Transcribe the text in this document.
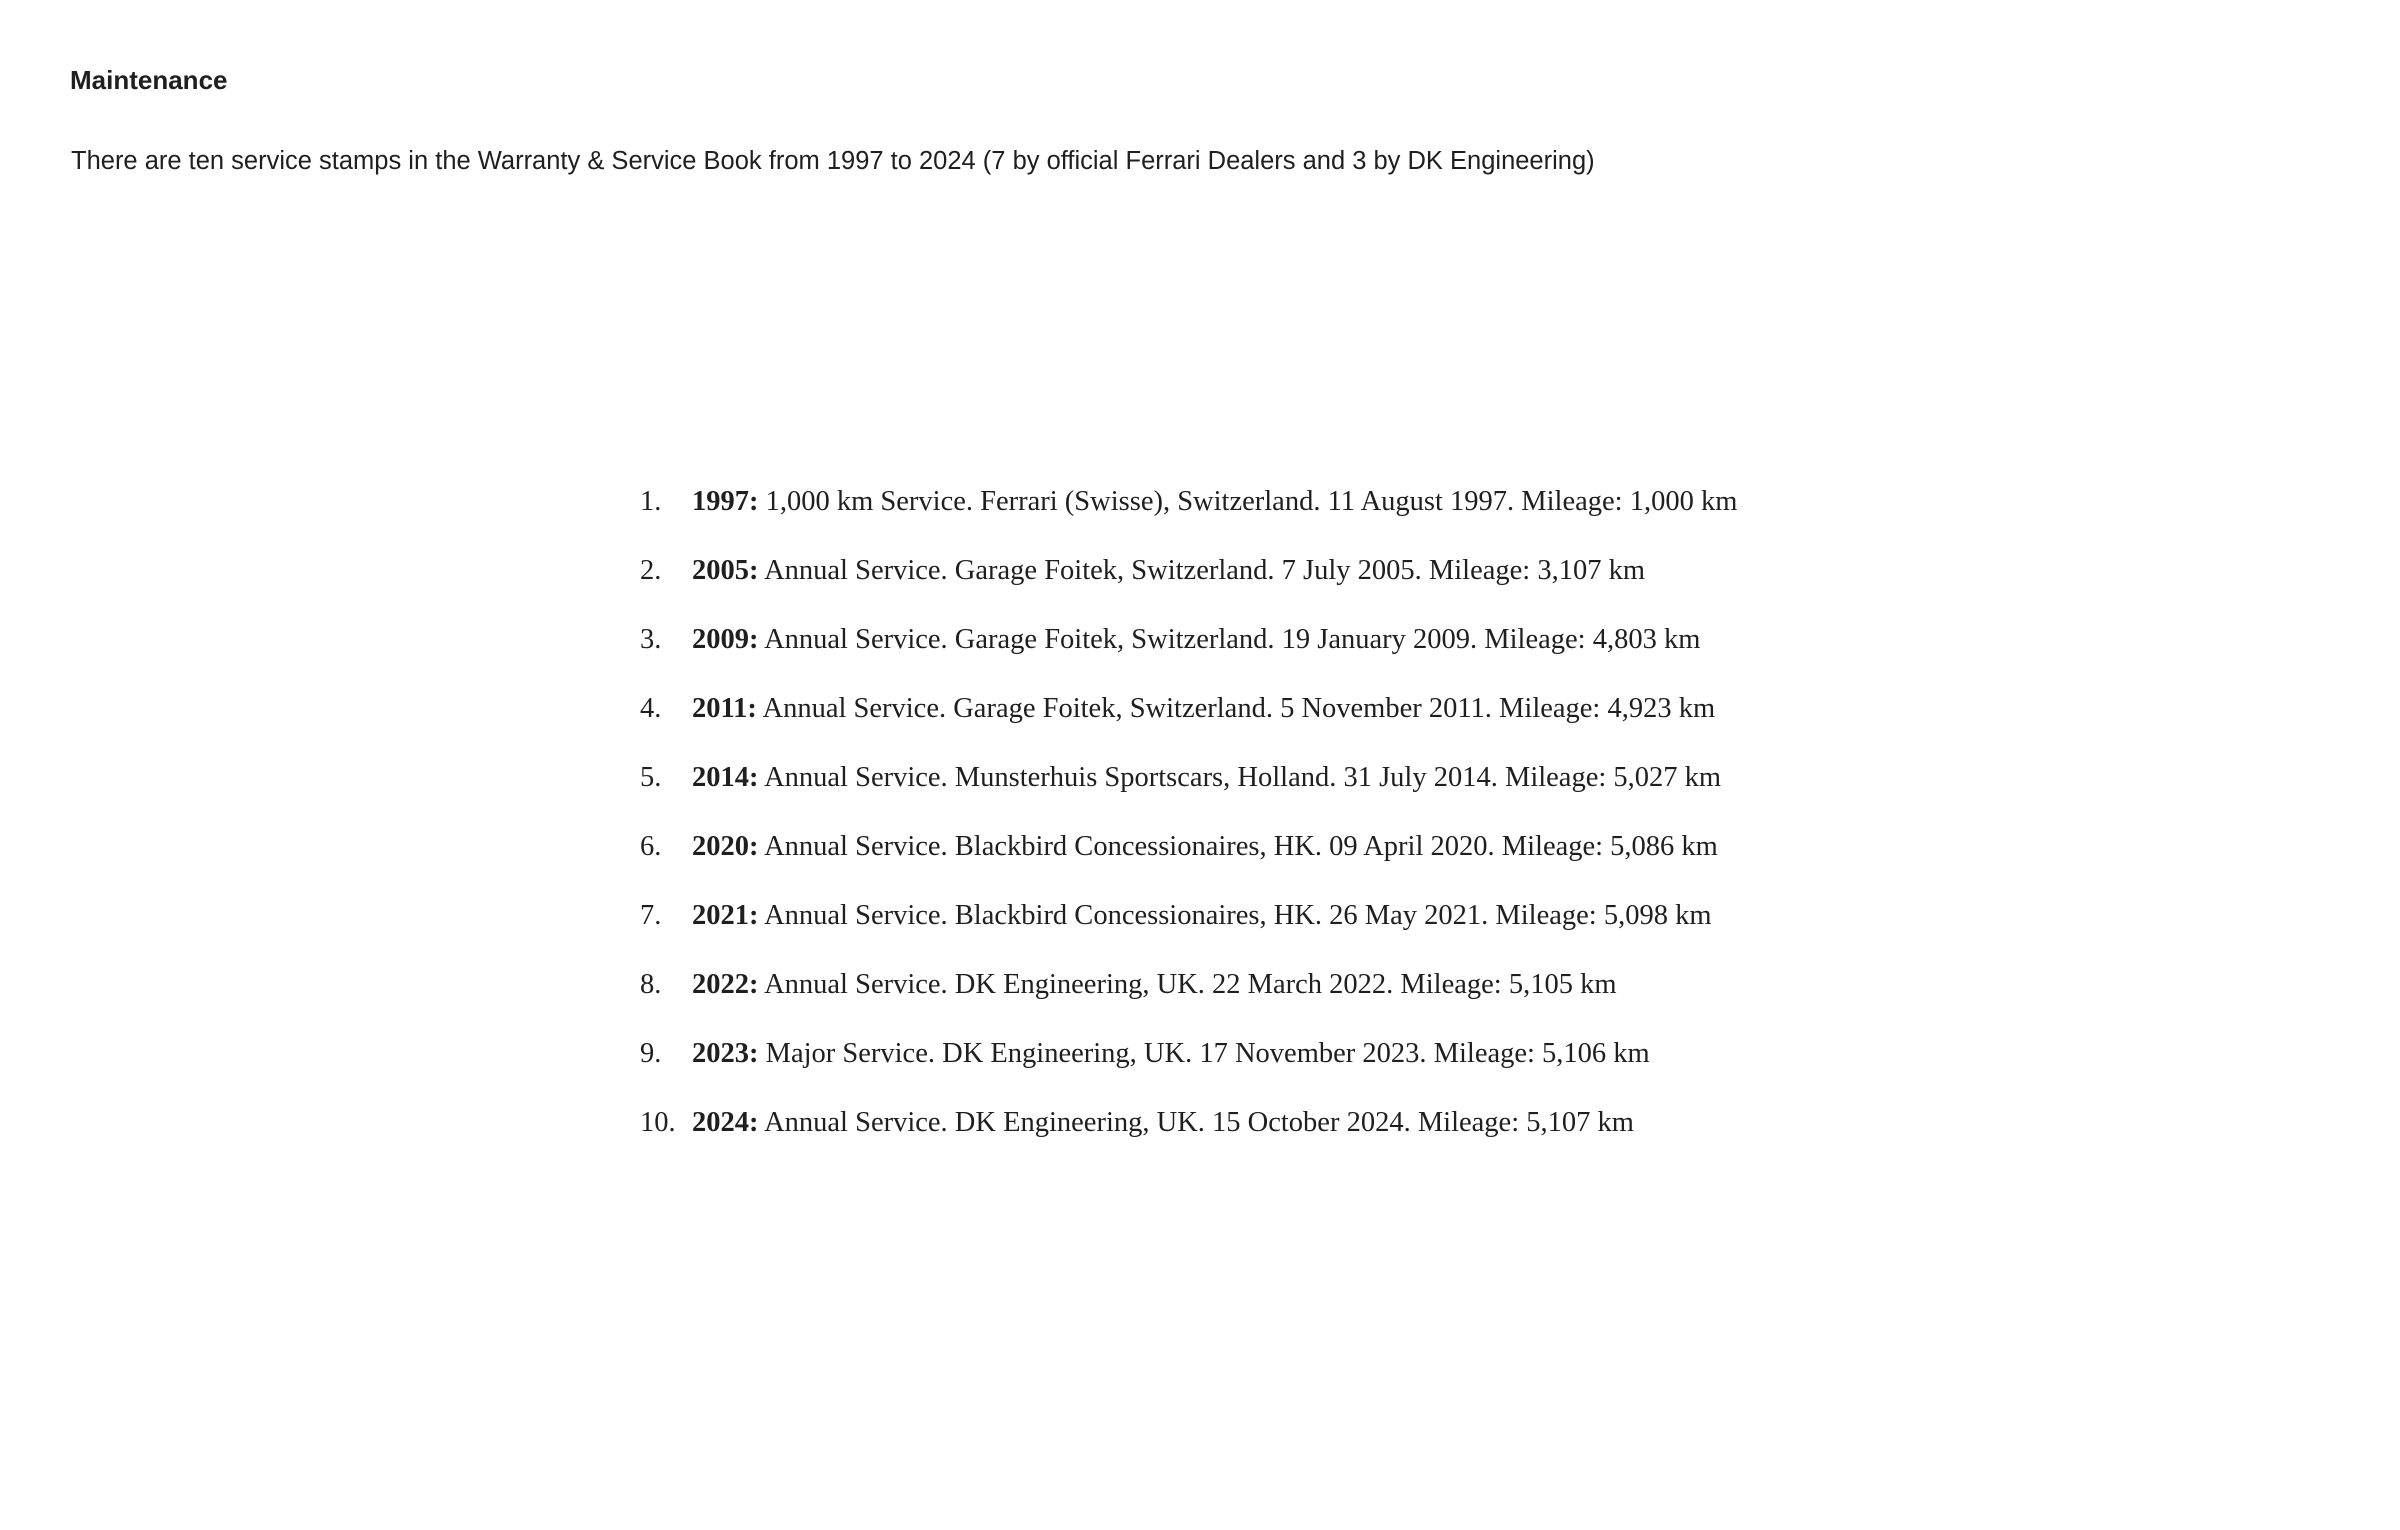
Maintenance

There are ten service stamps in the Warranty & Service Book from 1997 to 2024 (7 by official Ferrari Dealers and 3 by DK Engineering)

1.	1997: 1,000 km Service. Ferrari (Swisse), Switzerland. 11 August 1997. Mileage: 1,000 km
2.	2005: Annual Service. Garage Foitek, Switzerland. 7 July 2005. Mileage: 3,107 km
3.	2009: Annual Service. Garage Foitek, Switzerland. 19 January 2009. Mileage: 4,803 km
4.	2011: Annual Service. Garage Foitek, Switzerland. 5 November 2011. Mileage: 4,923 km
5.	2014: Annual Service. Munsterhuis Sportscars, Holland. 31 July 2014. Mileage: 5,027 km
6.	2020: Annual Service. Blackbird Concessionaires, HK. 09 April 2020. Mileage: 5,086 km
7.	2021: Annual Service. Blackbird Concessionaires, HK. 26 May 2021. Mileage: 5,098 km
8.	2022: Annual Service. DK Engineering, UK. 22 March 2022. Mileage: 5,105 km
9.	2023: Major Service. DK Engineering, UK. 17 November 2023. Mileage: 5,106 km
10. 2024: Annual Service. DK Engineering, UK. 15 October 2024. Mileage: 5,107 km
